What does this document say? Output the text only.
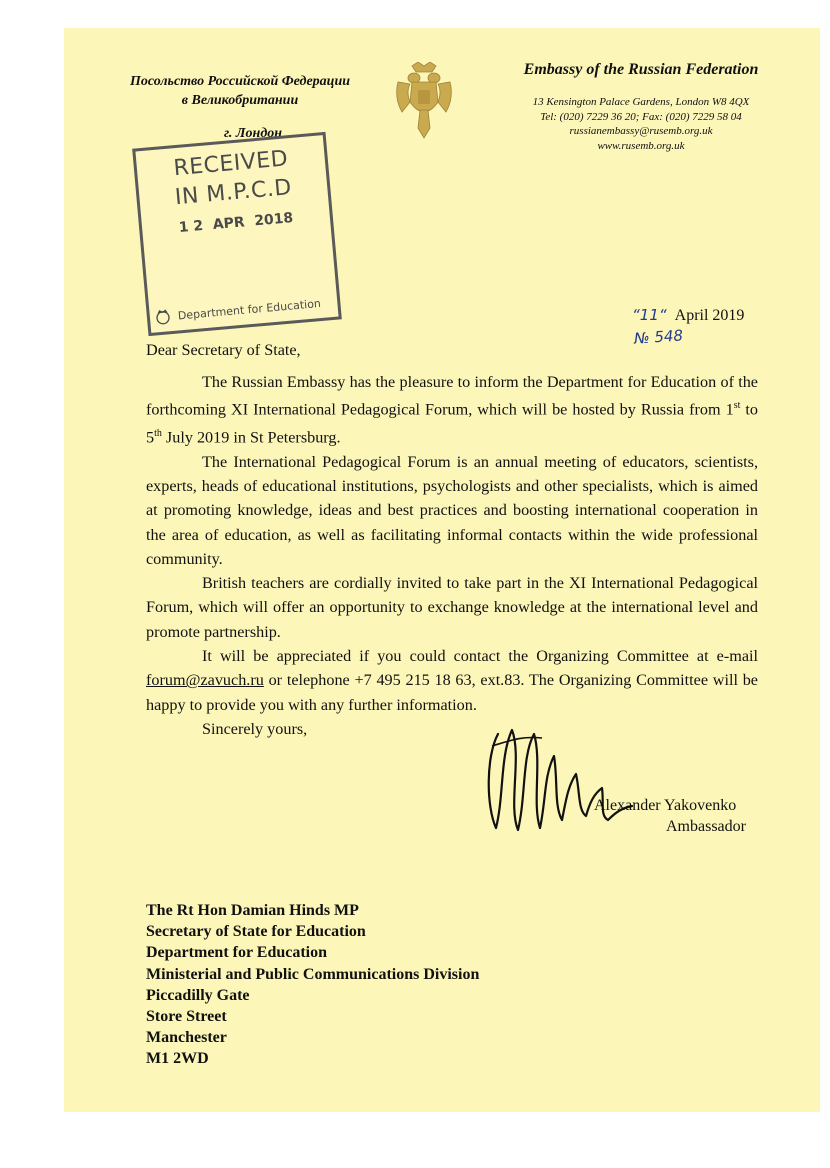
Посольство Российской Федерации
в Великобритании
г. Лондон
Embassy of the Russian Federation
13 Kensington Palace Gardens, London W8 4QX
Tel: (020) 7229 36 20; Fax: (020) 7229 58 04
russianembassy@rusemb.org.uk
www.rusemb.org.uk
RECEIVED
IN M.P.C.D
1 2  APR  2018
Department for Education	“11“ April 2019
№ 548
Dear Secretary of State,

The Russian Embassy has the pleasure to inform the Department for Education of the forthcoming XI International Pedagogical Forum, which will be hosted by Russia from 1st to 5th July 2019 in St Petersburg.

The International Pedagogical Forum is an annual meeting of educators, scientists, experts, heads of educational institutions, psychologists and other specialists, which is aimed at promoting knowledge, ideas and best practices and boosting international cooperation in the area of education, as well as facilitating informal contacts within the wide professional community.

British teachers are cordially invited to take part in the XI International Pedagogical Forum, which will offer an opportunity to exchange knowledge at the international level and promote partnership.

It will be appreciated if you could contact the Organizing Committee at e-mail forum@zavuch.ru or telephone +7 495 215 18 63, ext.83. The Organizing Committee will be happy to provide you with any further information.

Sincerely yours,

Alexander Yakovenko
Ambassador
The Rt Hon Damian Hinds MP
Secretary of State for Education
Department for Education
Ministerial and Public Communications Division
Piccadilly Gate
Store Street
Manchester
M1 2WD
